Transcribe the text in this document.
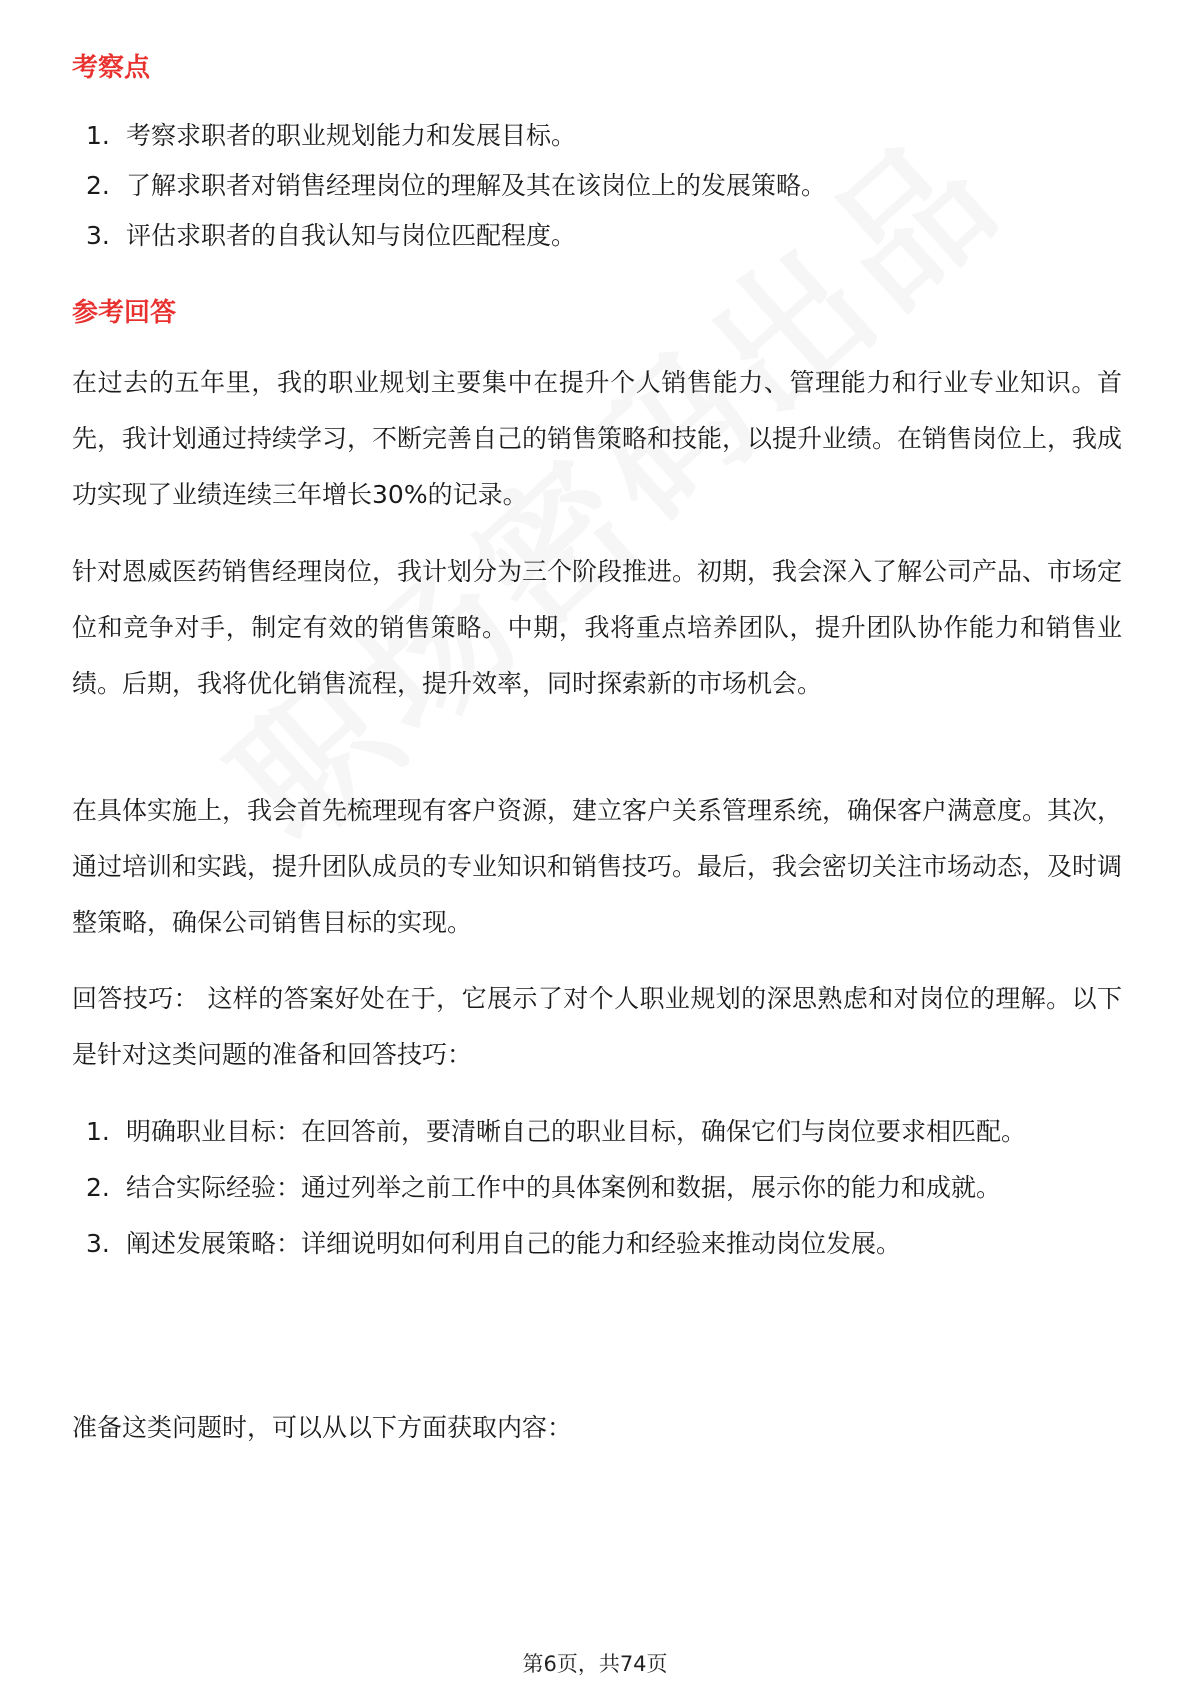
考察点
1. 考察求职者的职业规划能力和发展目标。
2. 了解求职者对销售经理岗位的理解及其在该岗位上的发展策略。
3. 评估求职者的自我认知与岗位匹配程度。
参考回答

在过去的五年里，我的职业规划主要集中在提升个人销售能力、管理能力和行业专业知识。首先，我计划通过持续学习，不断完善自己的销售策略和技能，以提升业绩。在销售岗位上，我成功实现了业绩连续三年增长30%的记录。

针对恩威医药销售经理岗位，我计划分为三个阶段推进。初期，我会深入了解公司产品、市场定位和竞争对手，制定有效的销售策略。中期，我将重点培养团队，提升团队协作能力和销售业绩。后期，我将优化销售流程，提升效率，同时探索新的市场机会。

在具体实施上，我会首先梳理现有客户资源，建立客户关系管理系统，确保客户满意度。其次，通过培训和实践，提升团队成员的专业知识和销售技巧。最后，我会密切关注市场动态，及时调整策略，确保公司销售目标的实现。

回答技巧： 这样的答案好处在于，它展示了对个人职业规划的深思熟虑和对岗位的理解。以下是针对这类问题的准备和回答技巧：

1. 明确职业目标：在回答前，要清晰自己的职业目标，确保它们与岗位要求相匹配。
2. 结合实际经验：通过列举之前工作中的具体案例和数据，展示你的能力和成就。
3. 阐述发展策略：详细说明如何利用自己的能力和经验来推动岗位发展。

准备这类问题时，可以从以下方面获取内容：

第6页，共74页
